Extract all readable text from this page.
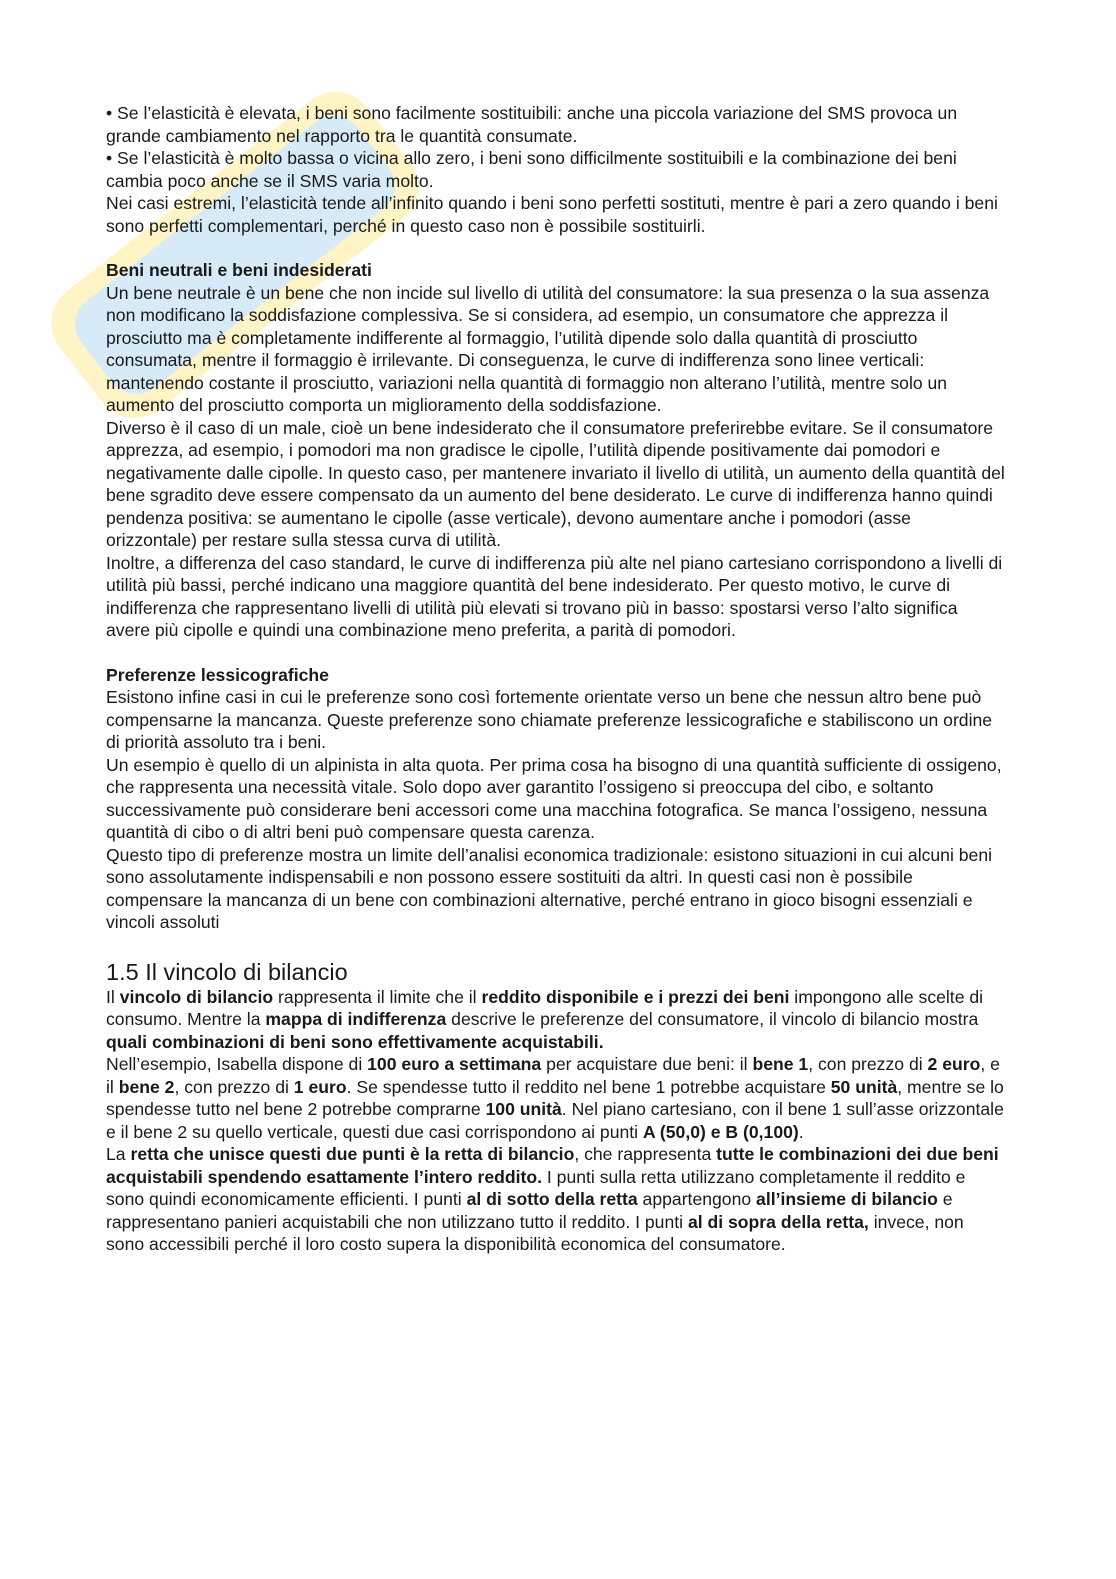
• Se l’elasticità è elevata, i beni sono facilmente sostituibili: anche una piccola variazione del SMS provoca un grande cambiamento nel rapporto tra le quantità consumate.

• Se l’elasticità è molto bassa o vicina allo zero, i beni sono difficilmente sostituibili e la combinazione dei beni cambia poco anche se il SMS varia molto.

Nei casi estremi, l’elasticità tende all’infinito quando i beni sono perfetti sostituti, mentre è pari a zero quando i beni sono perfetti complementari, perché in questo caso non è possibile sostituirli.

Beni neutrali e beni indesiderati

Un bene neutrale è un bene che non incide sul livello di utilità del consumatore: la sua presenza o la sua assenza non modificano la soddisfazione complessiva. Se si considera, ad esempio, un consumatore che apprezza il prosciutto ma è completamente indifferente al formaggio, l’utilità dipende solo dalla quantità di prosciutto consumata, mentre il formaggio è irrilevante. Di conseguenza, le curve di indifferenza sono linee verticali: mantenendo costante il prosciutto, variazioni nella quantità di formaggio non alterano l’utilità, mentre solo un aumento del prosciutto comporta un miglioramento della soddisfazione.

Diverso è il caso di un male, cioè un bene indesiderato che il consumatore preferirebbe evitare. Se il consumatore apprezza, ad esempio, i pomodori ma non gradisce le cipolle, l’utilità dipende positivamente dai pomodori e negativamente dalle cipolle. In questo caso, per mantenere invariato il livello di utilità, un aumento della quantità del bene sgradito deve essere compensato da un aumento del bene desiderato. Le curve di indifferenza hanno quindi pendenza positiva: se aumentano le cipolle (asse verticale), devono aumentare anche i pomodori (asse orizzontale) per restare sulla stessa curva di utilità.

Inoltre, a differenza del caso standard, le curve di indifferenza più alte nel piano cartesiano corrispondono a livelli di utilità più bassi, perché indicano una maggiore quantità del bene indesiderato. Per questo motivo, le curve di indifferenza che rappresentano livelli di utilità più elevati si trovano più in basso: spostarsi verso l’alto significa avere più cipolle e quindi una combinazione meno preferita, a parità di pomodori.

Preferenze lessicografiche

Esistono infine casi in cui le preferenze sono così fortemente orientate verso un bene che nessun altro bene può compensarne la mancanza. Queste preferenze sono chiamate preferenze lessicografiche e stabiliscono un ordine di priorità assoluto tra i beni.

Un esempio è quello di un alpinista in alta quota. Per prima cosa ha bisogno di una quantità sufficiente di ossigeno, che rappresenta una necessità vitale. Solo dopo aver garantito l’ossigeno si preoccupa del cibo, e soltanto successivamente può considerare beni accessori come una macchina fotografica. Se manca l’ossigeno, nessuna quantità di cibo o di altri beni può compensare questa carenza.

Questo tipo di preferenze mostra un limite dell’analisi economica tradizionale: esistono situazioni in cui alcuni beni sono assolutamente indispensabili e non possono essere sostituiti da altri. In questi casi non è possibile compensare la mancanza di un bene con combinazioni alternative, perché entrano in gioco bisogni essenziali e vincoli assoluti

1.5 Il vincolo di bilancio

Il vincolo di bilancio rappresenta il limite che il reddito disponibile e i prezzi dei beni impongono alle scelte di consumo. Mentre la mappa di indifferenza descrive le preferenze del consumatore, il vincolo di bilancio mostra quali combinazioni di beni sono effettivamente acquistabili.

Nell’esempio, Isabella dispone di 100 euro a settimana per acquistare due beni: il bene 1, con prezzo di 2 euro, e il bene 2, con prezzo di 1 euro. Se spendesse tutto il reddito nel bene 1 potrebbe acquistare 50 unità, mentre se lo spendesse tutto nel bene 2 potrebbe comprarne 100 unità. Nel piano cartesiano, con il bene 1 sull’asse orizzontale e il bene 2 su quello verticale, questi due casi corrispondono ai punti A (50,0) e B (0,100).

La retta che unisce questi due punti è la retta di bilancio, che rappresenta tutte le combinazioni dei due beni acquistabili spendendo esattamente l’intero reddito. I punti sulla retta utilizzano completamente il reddito e sono quindi economicamente efficienti. I punti al di sotto della retta appartengono all’insieme di bilancio e rappresentano panieri acquistabili che non utilizzano tutto il reddito. I punti al di sopra della retta, invece, non sono accessibili perché il loro costo supera la disponibilità economica del consumatore.
